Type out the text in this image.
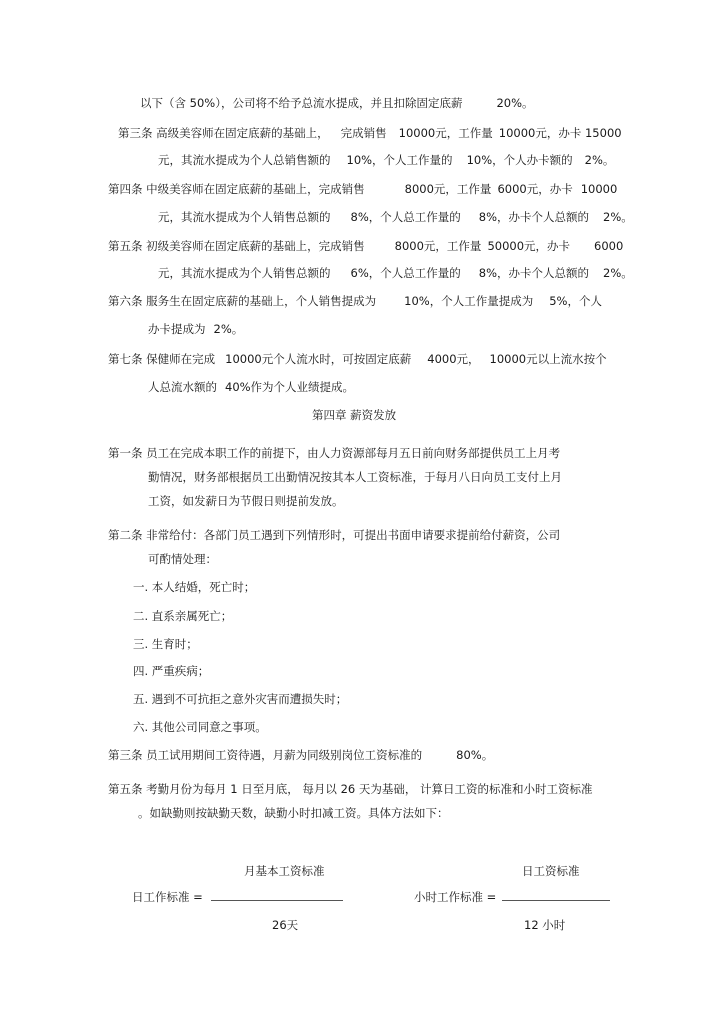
以下（含 50%），公司将不给予总流水提成，并且扣除固定底薪	20%。
第三条 高级美容师在固定底薪的基础上， 完成销售 10000元，工作量 10000元，办卡 15000
元，其流水提成为个人总销售额的 10%，个人工作量的 10%，个人办卡额的 2%。
第四条 中级美容师在固定底薪的基础上，完成销售	8000元，工作量 6000元，办卡 10000
元，其流水提成为个人销售总额的 8%，个人总工作量的 8%，办卡个人总额的 2%。
第五条 初级美容师在固定底薪的基础上，完成销售	8000元，工作量 50000元，办卡 6000
元，其流水提成为个人销售总额的 6%，个人总工作量的 8%，办卡个人总额的 2%。
第六条 服务生在固定底薪的基础上，个人销售提成为 10%，个人工作量提成为 5%，个人
办卡提成为 2%。
第七条 保健师在完成 10000元个人流水时，可按固定底薪 4000元， 10000元以上流水按个
人总流水额的 40%作为个人业绩提成。
第四章 薪资发放
第一条 员工在完成本职工作的前提下，由人力资源部每月五日前向财务部提供员工上月考
勤情况，财务部根据员工出勤情况按其本人工资标准，于每月八日向员工支付上月
工资，如发薪日为节假日则提前发放。
第二条 非常给付：各部门员工遇到下列情形时，可提出书面申请要求提前给付薪资，公司
可酌情处理：
一. 本人结婚，死亡时；
二. 直系亲属死亡；
三. 生育时；
四. 严重疾病；
五. 遇到不可抗拒之意外灾害而遭损失时；
六. 其他公司同意之事项。
第三条 员工试用期间工资待遇，月薪为同级别岗位工资标准的	80%。
第五条 考勤月份为每月 1 日至月底， 每月以 26 天为基础， 计算日工资的标准和小时工资标准
。如缺勤则按缺勤天数，缺勤小时扣减工资。具体方法如下：
月基本工资标准
日工作标准 =
26天
日工资标准
小时工作标准 =
12 小时
